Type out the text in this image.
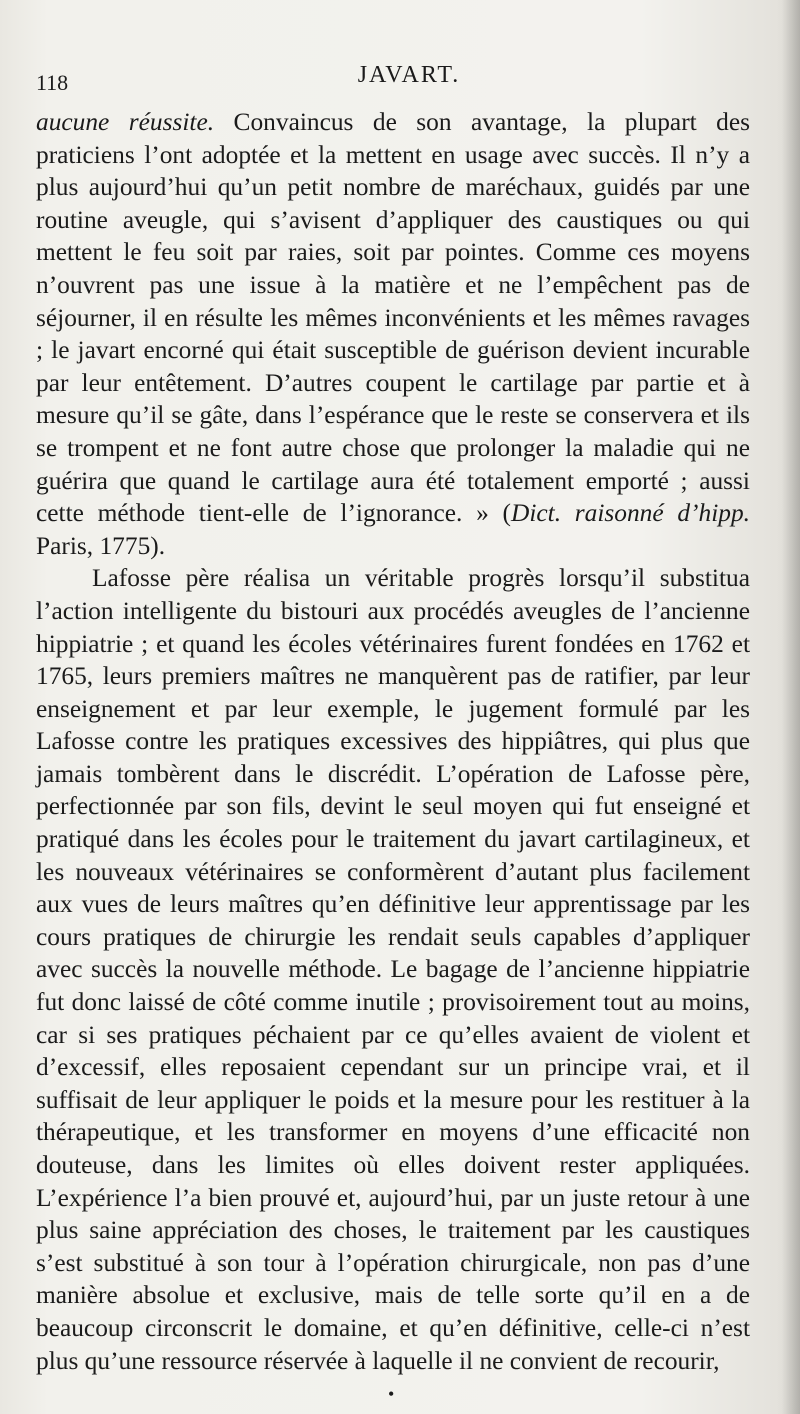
118	JAVART.

aucune réussite. Convaincus de son avantage, la plupart des praticiens l’ont adoptée et la mettent en usage avec succès. Il n’y a plus aujourd’hui qu’un petit nombre de maréchaux, guidés par une routine aveugle, qui s’avisent d’appliquer des caustiques ou qui mettent le feu soit par raies, soit par pointes. Comme ces moyens n’ouvrent pas une issue à la matière et ne l’empêchent pas de séjourner, il en résulte les mêmes inconvénients et les mêmes ravages ; le javart encorné qui était susceptible de guérison devient incurable par leur entêtement. D’autres coupent le cartilage par partie et à mesure qu’il se gâte, dans l’espérance que le reste se conservera et ils se trompent et ne font autre chose que prolonger la maladie qui ne guérira que quand le cartilage aura été totalement emporté ; aussi cette méthode tient-elle de l’ignorance. » (Dict. raisonné d’hipp. Paris, 1775).

Lafosse père réalisa un véritable progrès lorsqu’il substitua l’action intelligente du bistouri aux procédés aveugles de l’ancienne hippiatrie ; et quand les écoles vétérinaires furent fondées en 1762 et 1765, leurs premiers maîtres ne manquèrent pas de ratifier, par leur enseignement et par leur exemple, le jugement formulé par les Lafosse contre les pratiques excessives des hippiâtres, qui plus que jamais tombèrent dans le discrédit. L’opération de Lafosse père, perfectionnée par son fils, devint le seul moyen qui fut enseigné et pratiqué dans les écoles pour le traitement du javart cartilagineux, et les nouveaux vétérinaires se conformèrent d’autant plus facilement aux vues de leurs maîtres qu’en définitive leur apprentissage par les cours pratiques de chirurgie les rendait seuls capables d’appliquer avec succès la nouvelle méthode. Le bagage de l’ancienne hippiatrie fut donc laissé de côté comme inutile ; provisoirement tout au moins, car si ses pratiques péchaient par ce qu’elles avaient de violent et d’excessif, elles reposaient cependant sur un principe vrai, et il suffisait de leur appliquer le poids et la mesure pour les restituer à la thérapeutique, et les transformer en moyens d’une efficacité non douteuse, dans les limites où elles doivent rester appliquées. L’expérience l’a bien prouvé et, aujourd’hui, par un juste retour à une plus saine appréciation des choses, le traitement par les caustiques s’est substitué à son tour à l’opération chirurgicale, non pas d’une manière absolue et exclusive, mais de telle sorte qu’il en a de beaucoup circonscrit le domaine, et qu’en définitive, celle-ci n’est plus qu’une ressource réservée à laquelle il ne convient de recourir,

•
